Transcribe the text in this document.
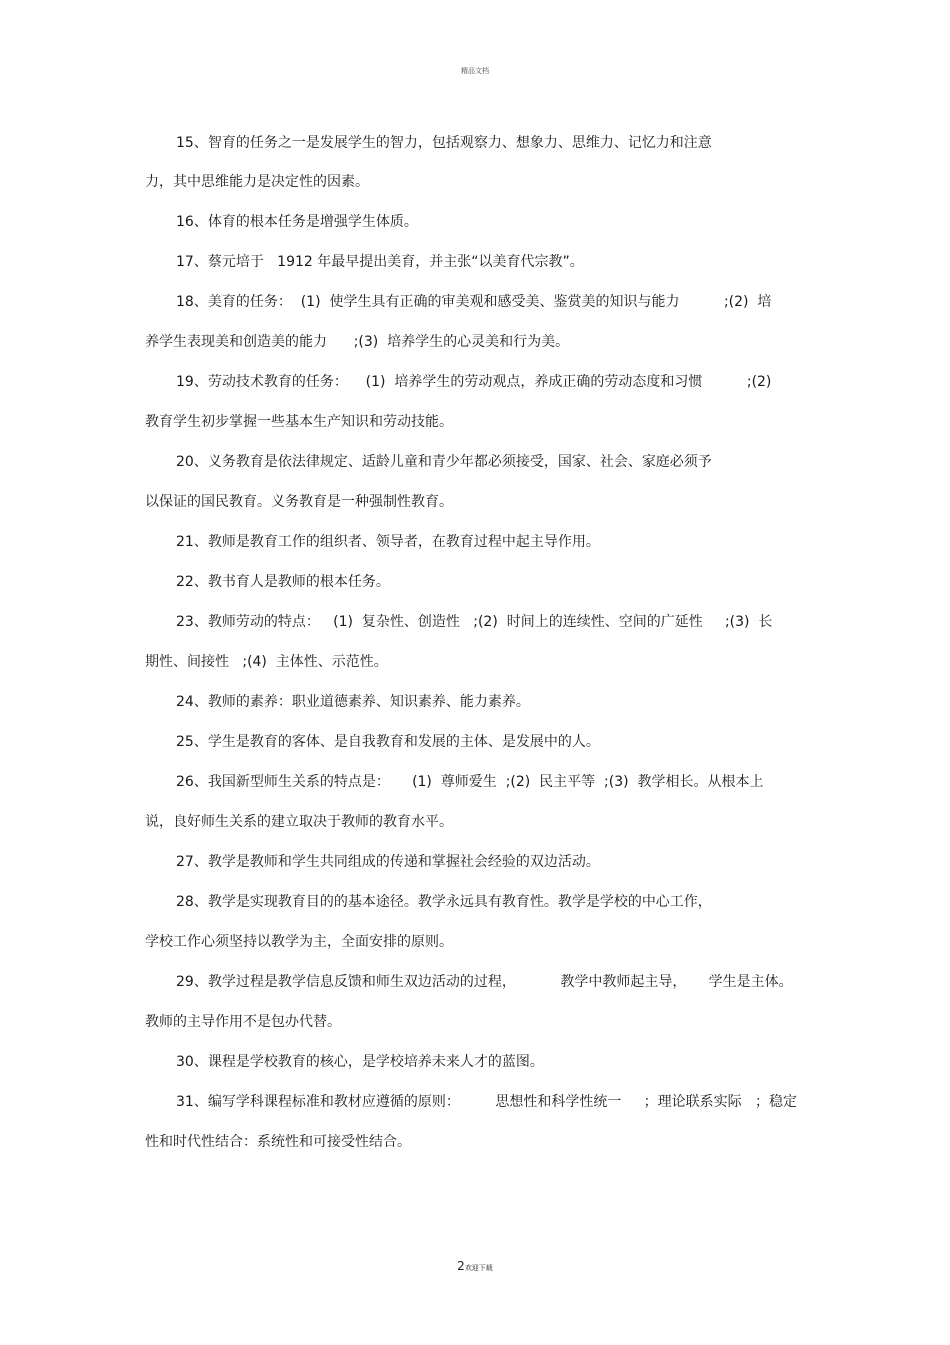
精品文档
15、智育的任务之一是发展学生的智力，包括观察力、想象力、思维力、记忆力和注意
力，其中思维能力是决定性的因素。
16、体育的根本任务是增强学生体质。
17、蔡元培于   1912 年最早提出美育，并主张“以美育代宗教”。
18、美育的任务：  (1)  使学生具有正确的审美观和感受美、鉴赏美的知识与能力          ;(2)  培
养学生表现美和创造美的能力      ;(3)  培养学生的心灵美和行为美。
19、劳动技术教育的任务：    (1)  培养学生的劳动观点，养成正确的劳动态度和习惯          ;(2)
教育学生初步掌握一些基本生产知识和劳动技能。
20、义务教育是依法律规定、适龄儿童和青少年都必须接受，国家、社会、家庭必须予
以保证的国民教育。义务教育是一种强制性教育。
21、教师是教育工作的组织者、领导者，在教育过程中起主导作用。
22、教书育人是教师的根本任务。
23、教师劳动的特点：   (1)  复杂性、创造性   ;(2)  时间上的连续性、空间的广延性     ;(3)  长
期性、间接性   ;(4)  主体性、示范性。
24、教师的素养：职业道德素养、知识素养、能力素养。
25、学生是教育的客体、是自我教育和发展的主体、是发展中的人。
26、我国新型师生关系的特点是：     (1)  尊师爱生  ;(2)  民主平等  ;(3)  教学相长。从根本上
说，良好师生关系的建立取决于教师的教育水平。
27、教学是教师和学生共同组成的传递和掌握社会经验的双边活动。
28、教学是实现教育目的的基本途径。教学永远具有教育性。教学是学校的中心工作，
学校工作心须坚持以教学为主，全面安排的原则。
29、教学过程是教学信息反馈和师生双边活动的过程，          教学中教师起主导，     学生是主体。
教师的主导作用不是包办代替。
30、课程是学校教育的核心，是学校培养未来人才的蓝图。
31、编写学科课程标准和教材应遵循的原则：        思想性和科学性统一     ；理论联系实际   ；稳定
性和时代性结合：系统性和可接受性结合。
2欢迎下载
